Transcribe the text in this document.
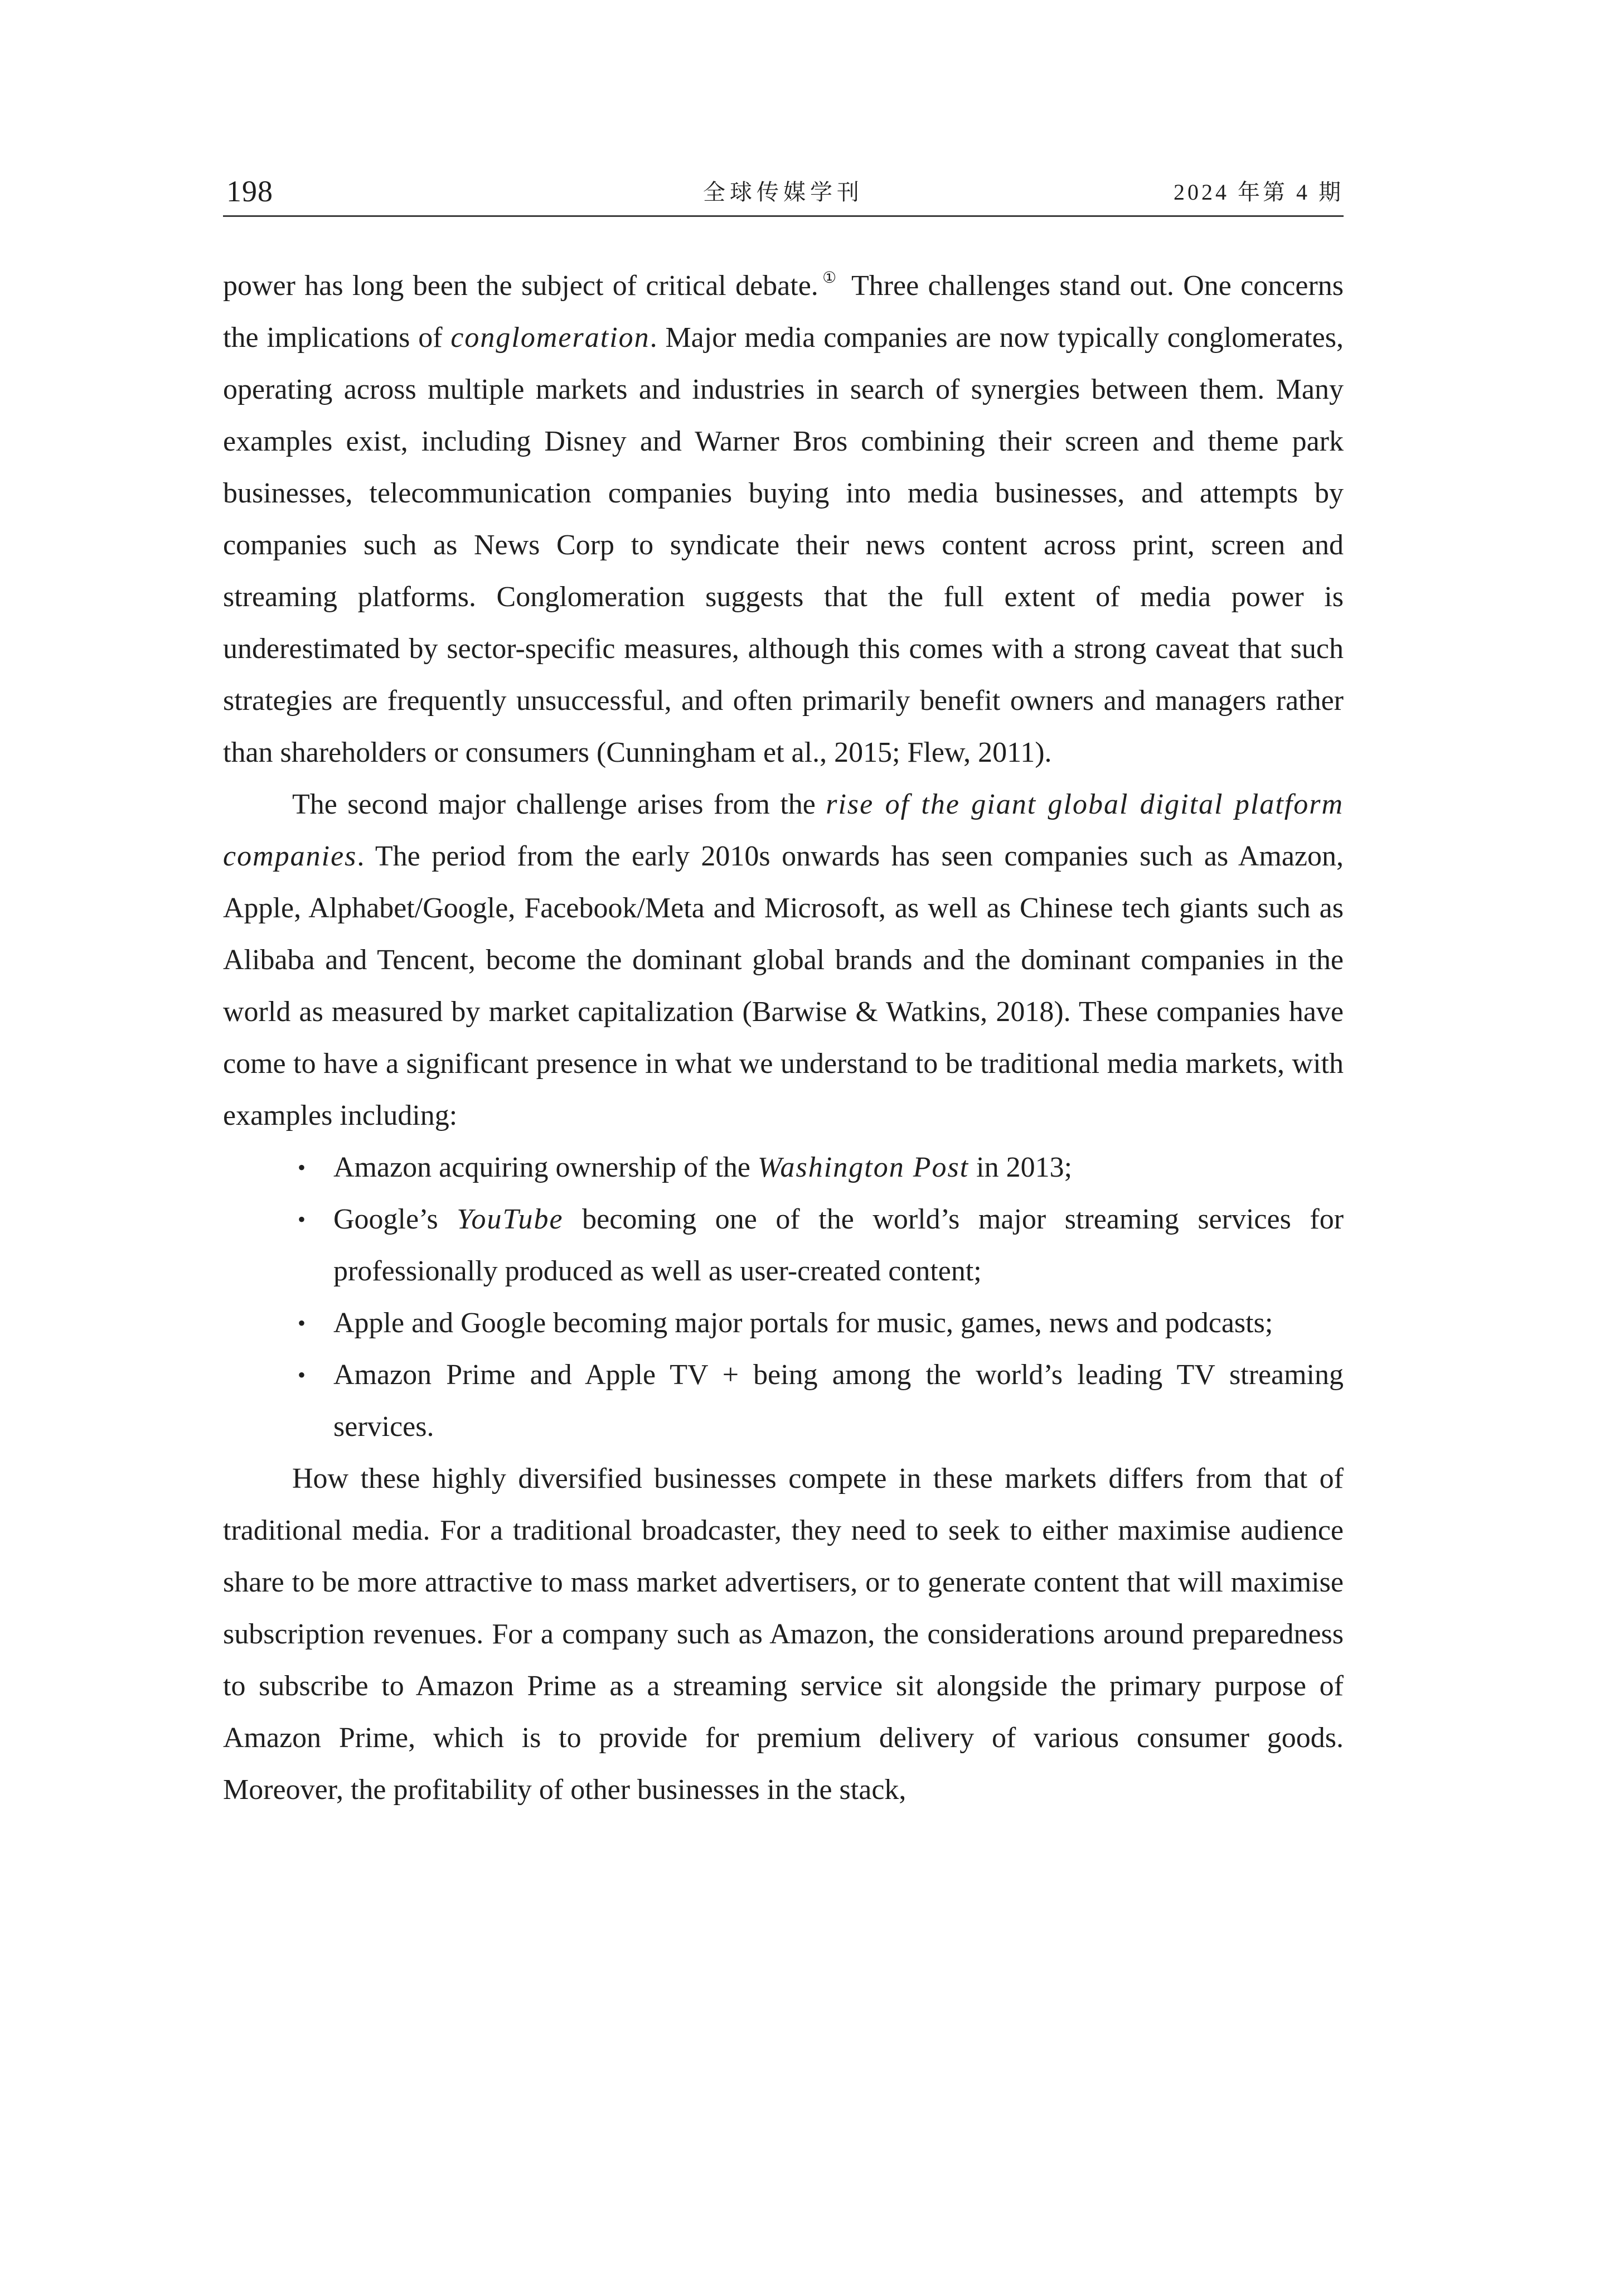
198	全球传媒学刊	2024 年第 4 期

power has long been the subject of critical debate. ① Three challenges stand out. One concerns the implications of conglomeration. Major media companies are now typically conglomerates, operating across multiple markets and industries in search of synergies between them. Many examples exist, including Disney and Warner Bros combining their screen and theme park businesses, telecommunication companies buying into media businesses, and attempts by companies such as News Corp to syndicate their news content across print, screen and streaming platforms. Conglomeration suggests that the full extent of media power is underestimated by sector-specific measures, although this comes with a strong caveat that such strategies are frequently unsuccessful, and often primarily benefit owners and managers rather than shareholders or consumers (Cunningham et al., 2015; Flew, 2011).

The second major challenge arises from the rise of the giant global digital platform companies. The period from the early 2010s onwards has seen companies such as Amazon, Apple, Alphabet/Google, Facebook/Meta and Microsoft, as well as Chinese tech giants such as Alibaba and Tencent, become the dominant global brands and the dominant companies in the world as measured by market capitalization (Barwise & Watkins, 2018). These companies have come to have a significant presence in what we understand to be traditional media markets, with examples including:

• Amazon acquiring ownership of the Washington Post in 2013;
• Google’s YouTube becoming one of the world’s major streaming services for professionally produced as well as user-created content;
• Apple and Google becoming major portals for music, games, news and podcasts;
• Amazon Prime and Apple TV + being among the world’s leading TV streaming services.

How these highly diversified businesses compete in these markets differs from that of traditional media. For a traditional broadcaster, they need to seek to either maximise audience share to be more attractive to mass market advertisers, or to generate content that will maximise subscription revenues. For a company such as Amazon, the considerations around preparedness to subscribe to Amazon Prime as a streaming service sit alongside the primary purpose of Amazon Prime, which is to provide for premium delivery of various consumer goods. Moreover, the profitability of other businesses in the stack,
